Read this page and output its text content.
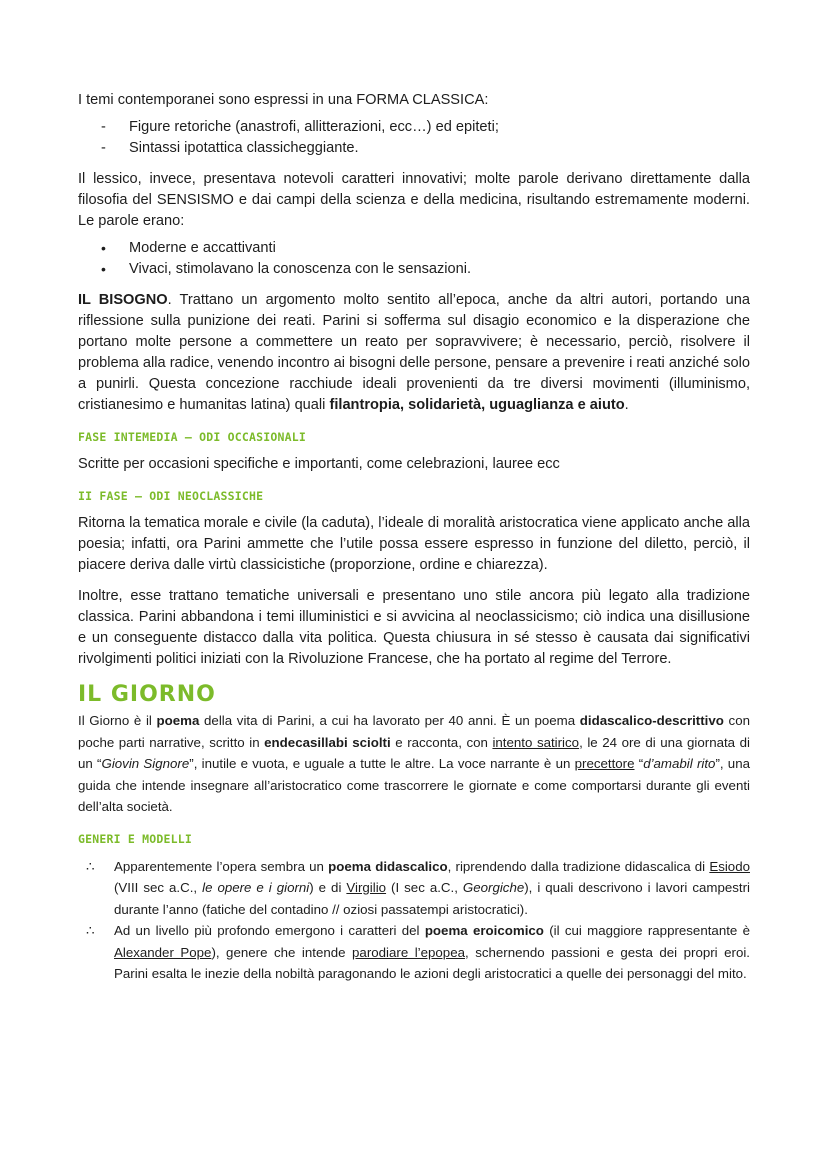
I temi contemporanei sono espressi in una FORMA CLASSICA:

- Figure retoriche (anastrofi, allitterazioni, ecc…) ed epiteti;
- Sintassi ipotattica classicheggiante.

Il lessico, invece, presentava notevoli caratteri innovativi; molte parole derivano direttamente dalla filosofia del SENSISMO e dai campi della scienza e della medicina, risultando estremamente moderni. Le parole erano:

• Moderne e accattivanti
• Vivaci, stimolavano la conoscenza con le sensazioni.

IL BISOGNO. Trattano un argomento molto sentito all’epoca, anche da altri autori, portando una riflessione sulla punizione dei reati. Parini si sofferma sul disagio economico e la disperazione che portano molte persone a commettere un reato per sopravvivere; è necessario, perciò, risolvere il problema alla radice, venendo incontro ai bisogni delle persone, pensare a prevenire i reati anziché solo a punirli. Questa concezione racchiude ideali provenienti da tre diversi movimenti (illuminismo, cristianesimo e humanitas latina) quali filantropia, solidarietà, uguaglianza e aiuto.

FASE INTEMEDIA – ODI OCCASIONALI

Scritte per occasioni specifiche e importanti, come celebrazioni, lauree ecc

II FASE – ODI NEOCLASSICHE

Ritorna la tematica morale e civile (la caduta), l’ideale di moralità aristocratica viene applicato anche alla poesia; infatti, ora Parini ammette che l’utile possa essere espresso in funzione del diletto, perciò, il piacere deriva dalle virtù classicistiche (proporzione, ordine e chiarezza).

Inoltre, esse trattano tematiche universali e presentano uno stile ancora più legato alla tradizione classica. Parini abbandona i temi illuministici e si avvicina al neoclassicismo; ciò indica una disillusione e un conseguente distacco dalla vita politica. Questa chiusura in sé stesso è causata dai significativi rivolgimenti politici iniziati con la Rivoluzione Francese, che ha portato al regime del Terrore.

IL GIORNO

Il Giorno è il poema della vita di Parini, a cui ha lavorato per 40 anni. È un poema didascalico-descrittivo con poche parti narrative, scritto in endecasillabi sciolti e racconta, con intento satirico, le 24 ore di una giornata di un “Giovin Signore”, inutile e vuota, e uguale a tutte le altre. La voce narrante è un precettore “d’amabil rito”, una guida che intende insegnare all’aristocratico come trascorrere le giornate e come comportarsi durante gli eventi dell’alta società.

GENERI E MODELLI
∴ Apparentemente l’opera sembra un poema didascalico, riprendendo dalla tradizione didascalica di Esiodo (VIII sec a.C., le opere e i giorni) e di Virgilio (I sec a.C., Georgiche), i quali descrivono i lavori campestri durante l’anno (fatiche del contadino // oziosi passatempi aristocratici).
∴ Ad un livello più profondo emergono i caratteri del poema eroicomico (il cui maggiore rappresentante è Alexander Pope), genere che intende parodiare l’epopea, schernendo passioni e gesta dei propri eroi. Parini esalta le inezie della nobiltà paragonando le azioni degli aristocratici a quelle dei personaggi del mito.
